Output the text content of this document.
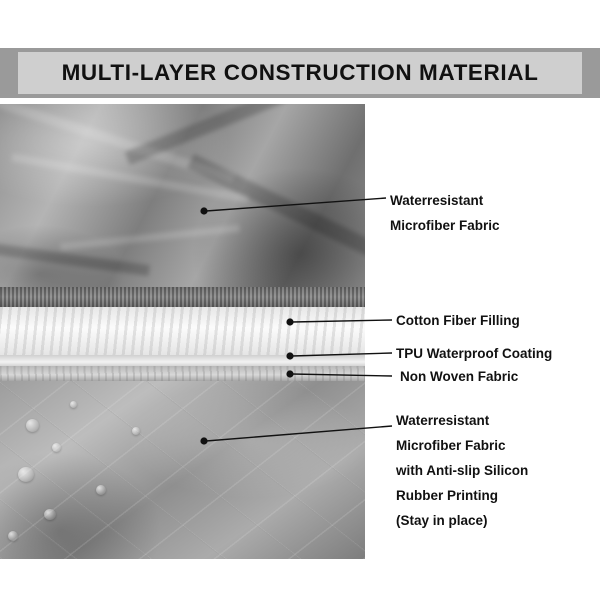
MULTI-LAYER CONSTRUCTION MATERIAL
Waterresistant
Microfiber Fabric
Cotton Fiber Filling
TPU Waterproof Coating
Non Woven Fabric
Waterresistant
Microfiber Fabric
with Anti-slip Silicon
Rubber Printing
(Stay in place)
